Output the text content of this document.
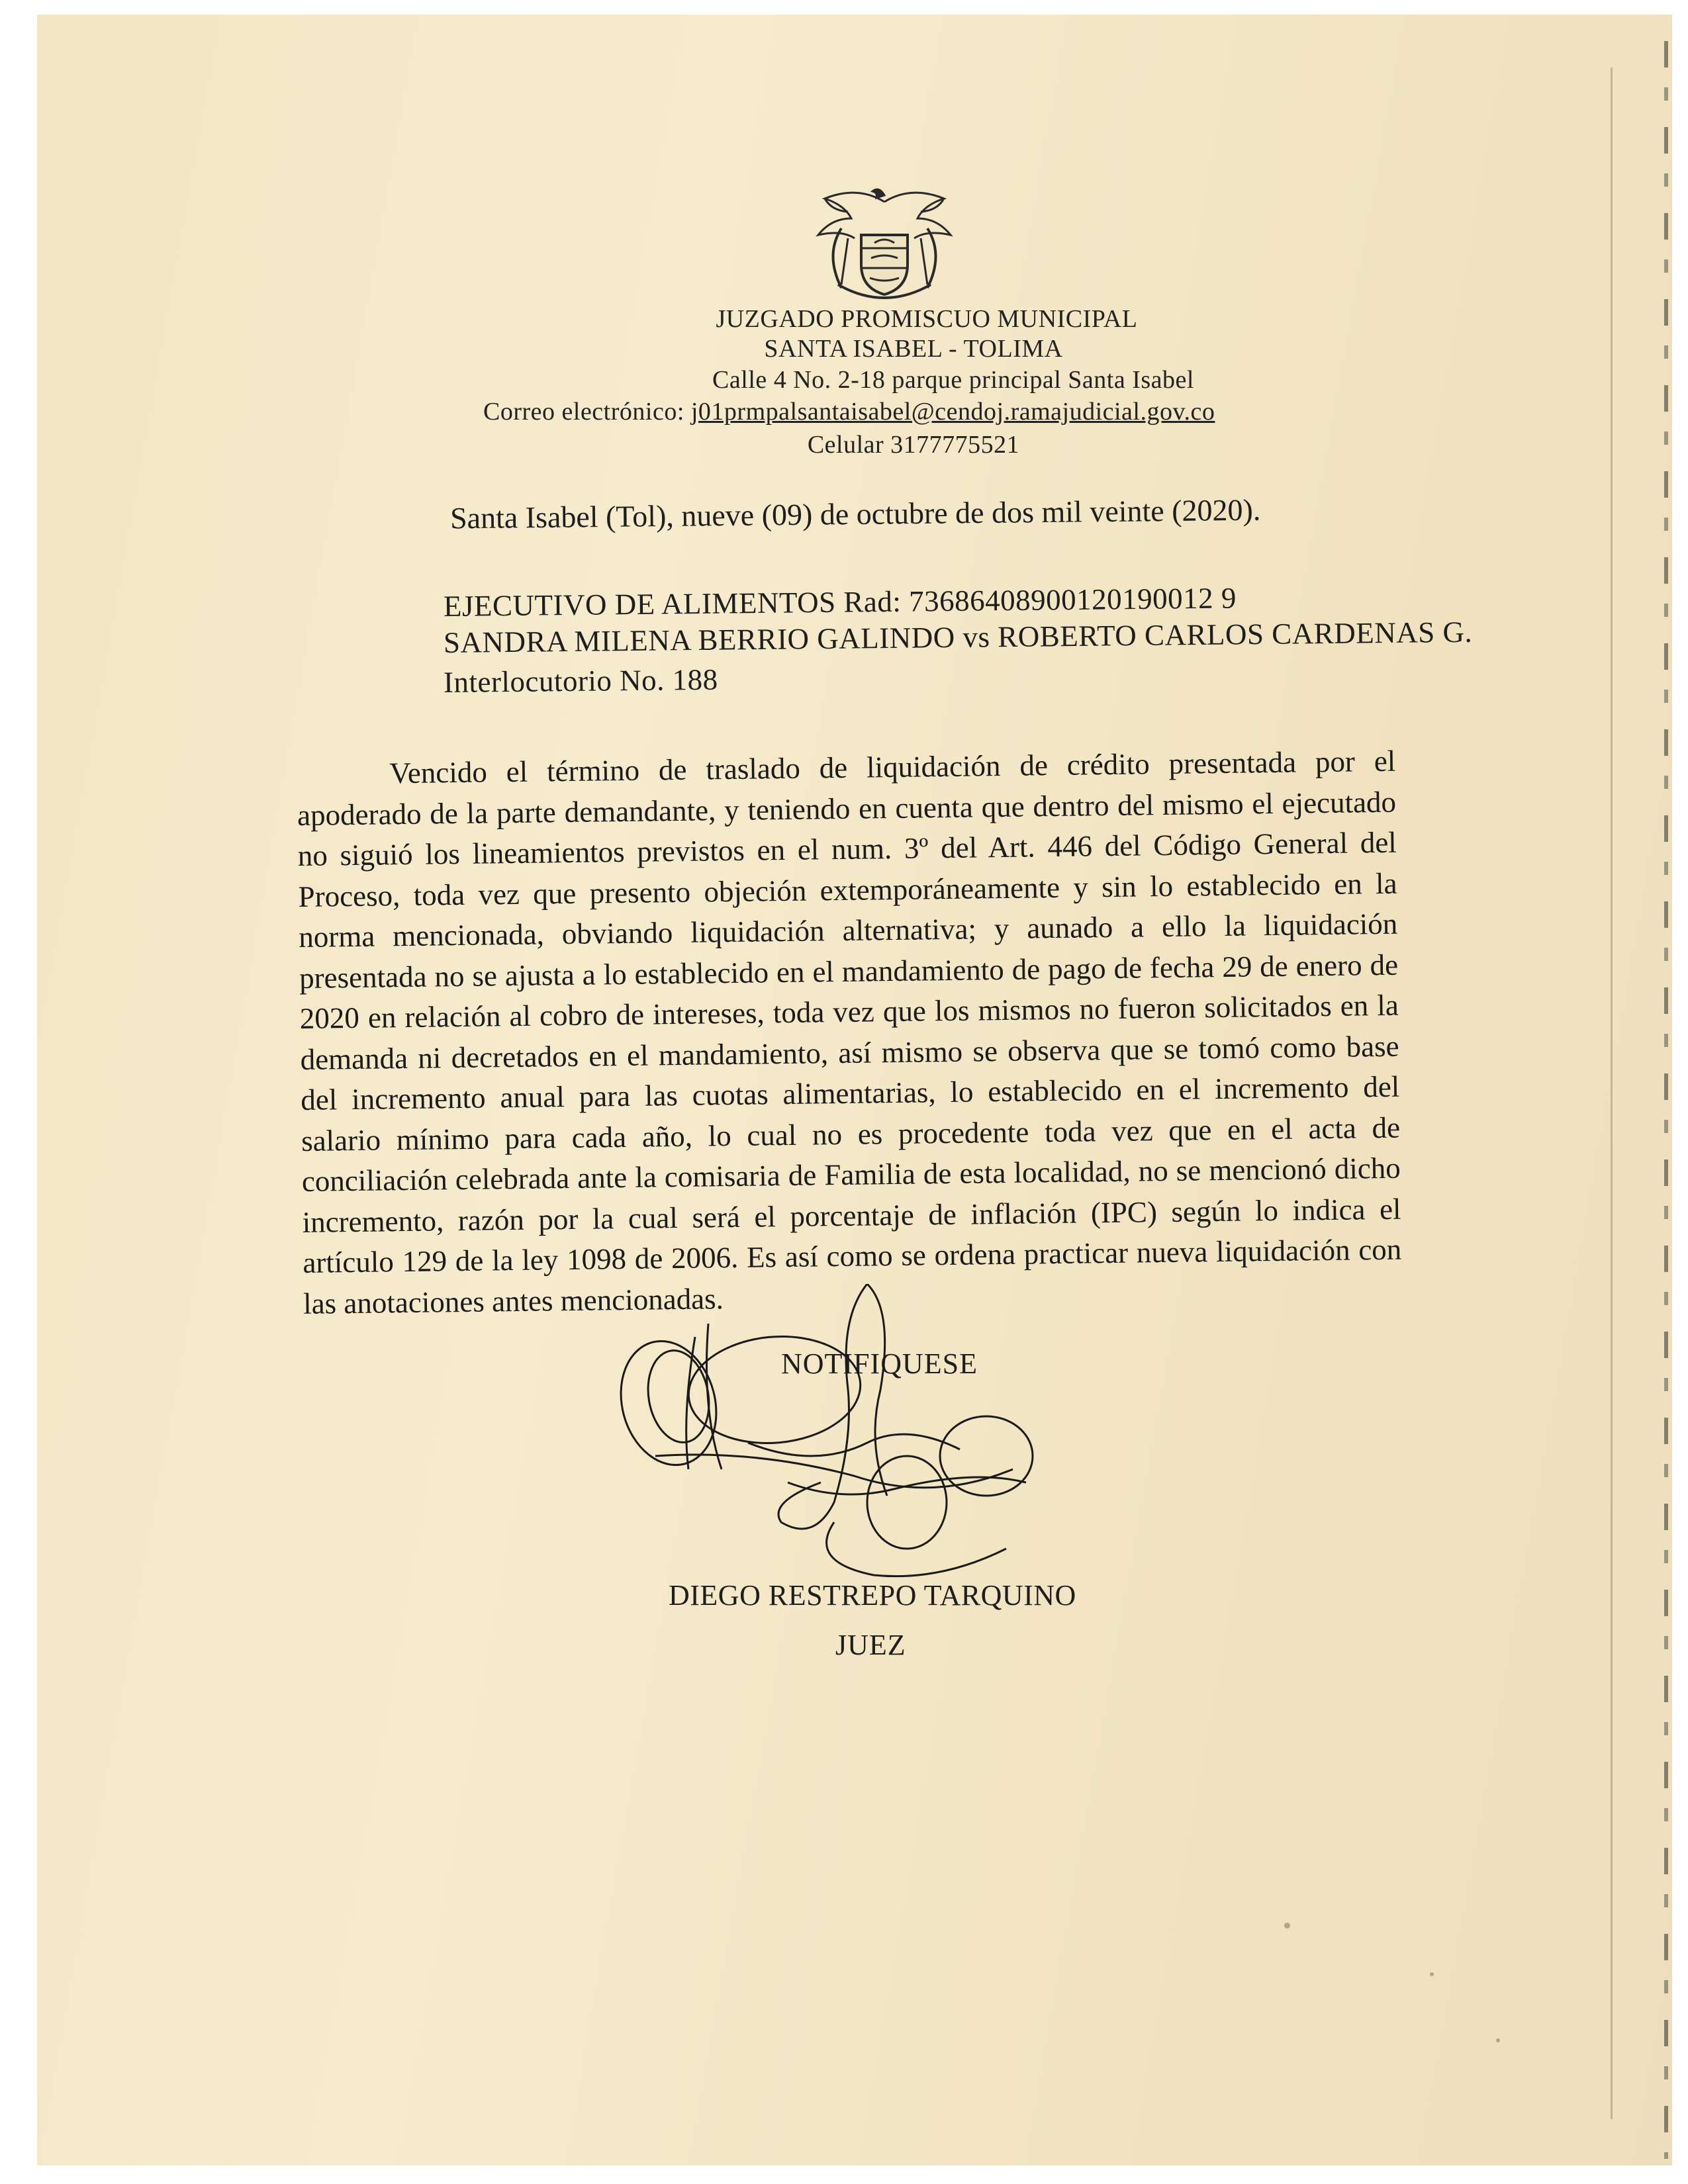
JUZGADO PROMISCUO MUNICIPAL
SANTA ISABEL - TOLIMA
Calle 4 No. 2-18 parque principal Santa Isabel
Correo electrónico: j01prmpalsantaisabel@cendoj.ramajudicial.gov.co
Celular 3177775521
Santa Isabel (Tol), nueve (09) de octubre de dos mil veinte (2020).
EJECUTIVO DE ALIMENTOS Rad: 73686408900120190012 9
SANDRA MILENA BERRIO GALINDO vs ROBERTO CARLOS CARDENAS G.
Interlocutorio No. 188
Vencido el término de traslado de liquidación de crédito presentada por el apoderado de la parte demandante, y teniendo en cuenta que dentro del mismo el ejecutado no siguió los lineamientos previstos en el num. 3º del Art. 446 del Código General del Proceso, toda vez que presento objeción extemporáneamente y sin lo establecido en la norma mencionada, obviando liquidación alternativa; y aunado a ello la liquidación presentada no se ajusta a lo establecido en el mandamiento de pago de fecha 29 de enero de 2020 en relación al cobro de intereses, toda vez que los mismos no fueron solicitados en la demanda ni decretados en el mandamiento, así mismo se observa que se tomó como base del incremento anual para las cuotas alimentarias, lo establecido en el incremento del salario mínimo para cada año, lo cual no es procedente toda vez que en el acta de conciliación celebrada ante la comisaria de Familia de esta localidad, no se mencionó dicho incremento, razón por la cual será el porcentaje de inflación (IPC) según lo indica el artículo 129 de la ley 1098 de 2006. Es así como se ordena practicar nueva liquidación con las anotaciones antes mencionadas.
NOTIFIQUESE
DIEGO RESTREPO TARQUINO
JUEZ
